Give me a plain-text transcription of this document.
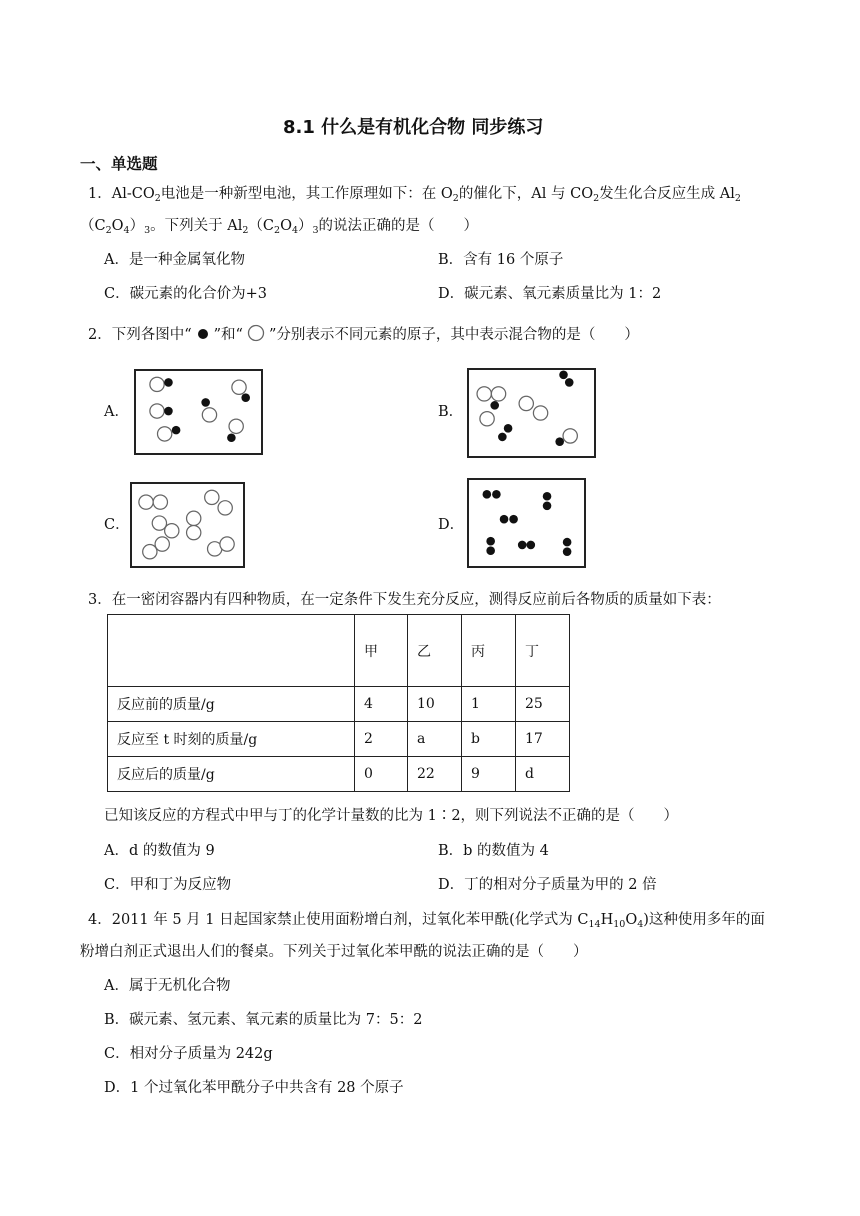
8.1 什么是有机化合物 同步练习
一、单选题
1．$Al-CO_2$电池是一种新型电池，其工作原理如下：在 $O_2$的催化下，Al 与 $CO_2$发生化合反应生成 $Al_2$
$(C_2O_4)_3$。下列关于 $Al_2(C_2O_4)_3$的说法正确的是（　　）
A．是一种金属氧化物	B．含有 16 个原子
C．碳元素的化合价为+3	D．碳元素、氧元素质量比为 1：2
2．下列各图中“ ”和“ ”分别表示不同元素的原子，其中表示混合物的是（　　）
A．	B．
C．	D．
3．在一密闭容器内有四种物质，在一定条件下发生充分反应，测得反应前后各物质的质量如下表：
	甲	乙	丙	丁
反应前的质量/g	4	10	1	25
反应至 t 时刻的质量/g	2	a	b	17
反应后的质量/g	0	22	9	d
已知该反应的方程式中甲与丁的化学计量数的比为 1∶2，则下列说法不正确的是（　　）
A．d 的数值为 9	B．b 的数值为 4
C．甲和丁为反应物	D．丁的相对分子质量为甲的 2 倍
4．2011 年 5 月 1 日起国家禁止使用面粉增白剂，过氧化苯甲酰(化学式为 $C_{14}H_{10}O_4$)这种使用多年的面
粉增白剂正式退出人们的餐桌。下列关于过氧化苯甲酰的说法正确的是（　　）
A．属于无机化合物
B．碳元素、氢元素、氧元素的质量比为 7：5：2
C．相对分子质量为 242g
D．1 个过氧化苯甲酰分子中共含有 28 个原子
